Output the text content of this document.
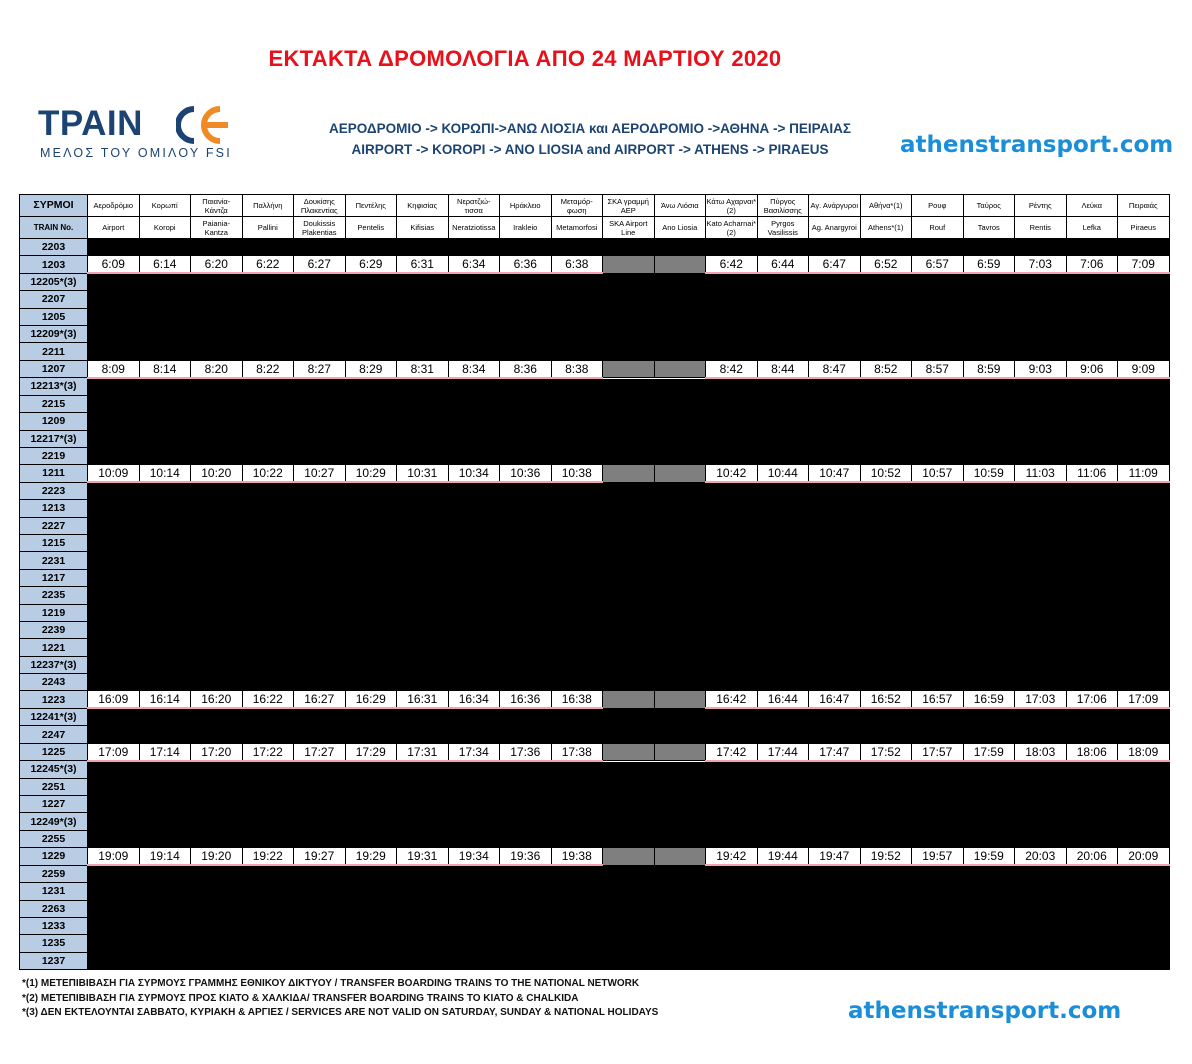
ΕΚΤΑΚΤΑ ΔΡΟΜΟΛΟΓΙΑ ΑΠΟ 24 ΜΑΡΤΙΟΥ 2020
ΤΡΑΙΝ
ΜΕΛΟΣ ΤΟΥ ΟΜΙΛΟΥ FSI
ΑΕΡΟΔΡΟΜΙΟ -> ΚΟΡΩΠΙ->ΑΝΩ ΛΙΟΣΙΑ και ΑΕΡΟΔΡΟΜΙΟ ->ΑΘΗΝΑ -> ΠΕΙΡΑΙΑΣ
AIRPORT -> KOROPI -> ANO LIOSIA and AIRPORT -> ATHENS -> PIRAEUS	athenstransport.com
ΣΥΡΜΟΙ	Αεροδρόμιο	Κορωπί	Παιανία-Κάντζα	Παλλήνη	Δουκίσης Πλακεντίας	Πεντέλης	Κηφισίας	Νερατζιώ-τισσα	Ηράκλειο	Μεταμόρ-φωση	ΣΚΑ γραμμή ΑΕΡ	Άνω Λιόσια	Κάτω Αχαρναι*(2)	Πύργος Βασιλίσσης	Αγ. Ανάργυροι	Αθήνα*(1)	Ρουφ	Ταύρος	Ρέντης	Λεύκα	Πειραιάς
TRAIN No.	Airport	Koropi	Paiania-Kantza	Pallini	Doukissis Plakentias	Pentelis	Kifisias	Neratziotissa	Irakleio	Metamorfosi	SKA Airport Line	Ano Liosia	Kato Acharnai*(2)	Pyrgos Vasilissis	Ag. Anargyroi	Athens*(1)	Rouf	Tavros	Rentis	Lefka	Piraeus
2203																					
1203	6:09	6:14	6:20	6:22	6:27	6:29	6:31	6:34	6:36	6:38			6:42	6:44	6:47	6:52	6:57	6:59	7:03	7:06	7:09
12205*(3)																					
2207																					
1205																					
12209*(3)																					
2211																					
1207	8:09	8:14	8:20	8:22	8:27	8:29	8:31	8:34	8:36	8:38			8:42	8:44	8:47	8:52	8:57	8:59	9:03	9:06	9:09
12213*(3)																					
2215																					
1209																					
12217*(3)																					
2219																					
1211	10:09	10:14	10:20	10:22	10:27	10:29	10:31	10:34	10:36	10:38			10:42	10:44	10:47	10:52	10:57	10:59	11:03	11:06	11:09
2223																					
1213																					
2227																					
1215																					
2231																					
1217																					
2235																					
1219																					
2239																					
1221																					
12237*(3)																					
2243																					
1223	16:09	16:14	16:20	16:22	16:27	16:29	16:31	16:34	16:36	16:38			16:42	16:44	16:47	16:52	16:57	16:59	17:03	17:06	17:09
12241*(3)																					
2247																					
1225	17:09	17:14	17:20	17:22	17:27	17:29	17:31	17:34	17:36	17:38			17:42	17:44	17:47	17:52	17:57	17:59	18:03	18:06	18:09
12245*(3)																					
2251																					
1227																					
12249*(3)																					
2255																					
1229	19:09	19:14	19:20	19:22	19:27	19:29	19:31	19:34	19:36	19:38			19:42	19:44	19:47	19:52	19:57	19:59	20:03	20:06	20:09
2259																					
1231																					
2263																					
1233																					
1235																					
1237																					
*(1) ΜΕΤΕΠΙΒΙΒΑΣΗ ΓΙΑ ΣΥΡΜΟΥΣ ΓΡΑΜΜΗΣ ΕΘΝΙΚΟΥ ΔΙΚΤΥΟΥ / TRANSFER BOARDING TRAINS TO THE NATIONAL NETWORK
*(2) ΜΕΤΕΠΙΒΙΒΑΣΗ ΓΙΑ ΣΥΡΜΟΥΣ ΠΡΟΣ ΚΙΑΤΟ & ΧΑΛΚΙΔΑ/ TRANSFER BOARDING TRAINS TO KIATO & CHALKIDA
*(3) ΔΕΝ ΕΚΤΕΛΟΥΝΤΑΙ ΣΑΒΒΑΤΟ, ΚΥΡΙΑΚΗ & ΑΡΓΙΕΣ / SERVICES ARE NOT VALID ON SATURDAY, SUNDAY & NATIONAL HOLIDAYS	athenstransport.com
